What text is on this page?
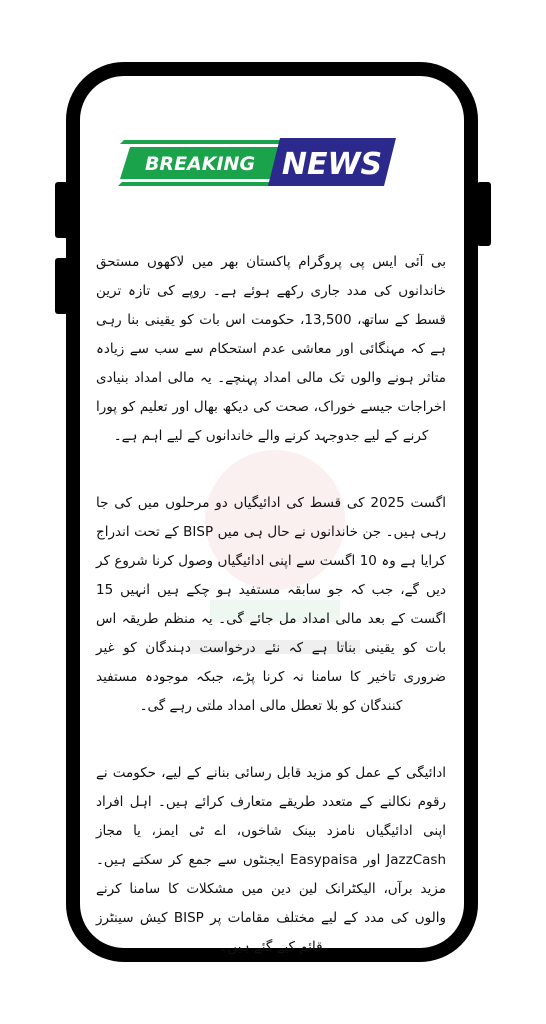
BREAKING NEWS

بی آئی ایس پی پروگرام پاکستان بھر میں لاکھوں مستحق خاندانوں کی مدد جاری رکھے ہوئے ہے۔ روپے کی تازہ ترین قسط کے ساتھ، 13,500، حکومت اس بات کو یقینی بنا رہی ہے کہ مہنگائی اور معاشی عدم استحکام سے سب سے زیادہ متاثر ہونے والوں تک مالی امداد پہنچے۔ یہ مالی امداد بنیادی اخراجات جیسے خوراک، صحت کی دیکھ بھال اور تعلیم کو پورا کرنے کے لیے جدوجہد کرنے والے خاندانوں کے لیے اہم ہے۔

اگست 2025 کی قسط کی ادائیگیاں دو مرحلوں میں کی جا رہی ہیں۔ جن خاندانوں نے حال ہی میں BISP کے تحت اندراج کرایا ہے وہ 10 اگست سے اپنی ادائیگیاں وصول کرنا شروع کر دیں گے، جب کہ جو سابقہ مستفید ہو چکے ہیں انہیں 15 اگست کے بعد مالی امداد مل جائے گی۔ یہ منظم طریقہ اس بات کو یقینی بناتا ہے کہ نئے درخواست دہندگان کو غیر ضروری تاخیر کا سامنا نہ کرنا پڑے، جبکہ موجودہ مستفید کنندگان کو بلا تعطل مالی امداد ملتی رہے گی۔

ادائیگی کے عمل کو مزید قابل رسائی بنانے کے لیے، حکومت نے رقوم نکالنے کے متعدد طریقے متعارف کرائے ہیں۔ اہل افراد اپنی ادائیگیاں نامزد بینک شاخوں، اے ٹی ایمز، یا مجاز JazzCash اور Easypaisa ایجنٹوں سے جمع کر سکتے ہیں۔ مزید برآں، الیکٹرانک لین دین میں مشکلات کا سامنا کرنے والوں کی مدد کے لیے مختلف مقامات پر BISP کیش سینٹرز قائم کیے گئے ہیں۔
